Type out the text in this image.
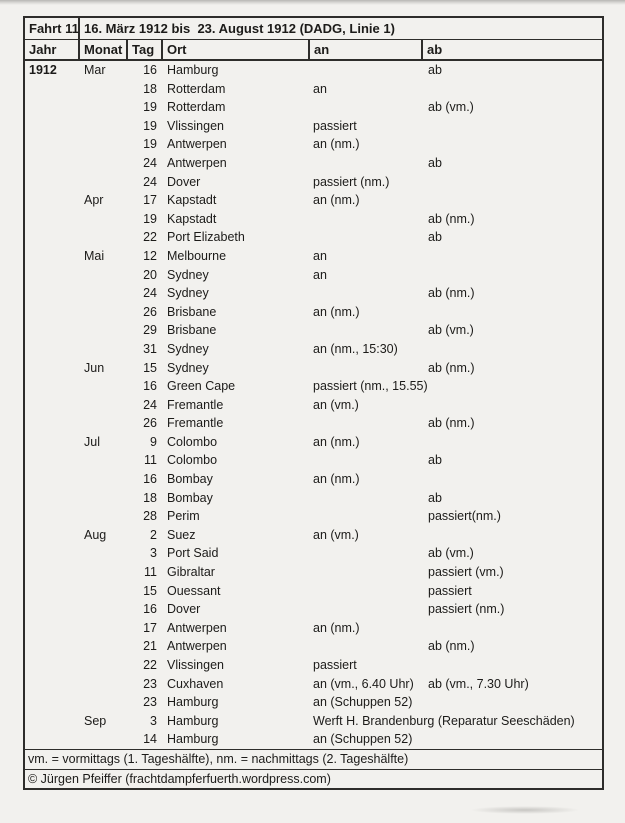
Fahrt 11	16. März 1912 bis  23. August 1912 (DADG, Linie 1)				
Jahr	Monat	Tag	Ort	an	ab
1912	Mar	16	Hamburg		ab
		18	Rotterdam	an	
		19	Rotterdam		ab (vm.)
		19	Vlissingen	passiert	
		19	Antwerpen	an (nm.)	
		24	Antwerpen		ab
		24	Dover	passiert (nm.)	
	Apr	17	Kapstadt	an (nm.)	
		19	Kapstadt		ab (nm.)
		22	Port Elizabeth		ab
	Mai	12	Melbourne	an	
		20	Sydney	an	
		24	Sydney		ab (nm.)
		26	Brisbane	an (nm.)	
		29	Brisbane		ab (vm.)
		31	Sydney	an (nm., 15:30)	
	Jun	15	Sydney		ab (nm.)
		16	Green Cape	passiert (nm., 15.55)	
		24	Fremantle	an (vm.)	
		26	Fremantle		ab (nm.)
	Jul	9	Colombo	an (nm.)	
		11	Colombo		ab
		16	Bombay	an (nm.)	
		18	Bombay		ab
		28	Perim		passiert(nm.)
	Aug	2	Suez	an (vm.)	
		3	Port Said		ab (vm.)
		11	Gibraltar		passiert (vm.)
		15	Ouessant		passiert
		16	Dover		passiert (nm.)
		17	Antwerpen	an (nm.)	
		21	Antwerpen		ab (nm.)
		22	Vlissingen	passiert	
		23	Cuxhaven	an (vm., 6.40 Uhr)	ab (vm., 7.30 Uhr)
		23	Hamburg	an (Schuppen 52)	
	Sep	3	Hamburg	Werft H. Brandenburg (Reparatur Seeschäden)	
		14	Hamburg	an (Schuppen 52)	
vm. = vormittags (1. Tageshälfte), nm. = nachmittags (2. Tageshälfte)					
© Jürgen Pfeiffer (frachtdampferfuerth.wordpress.com)					
